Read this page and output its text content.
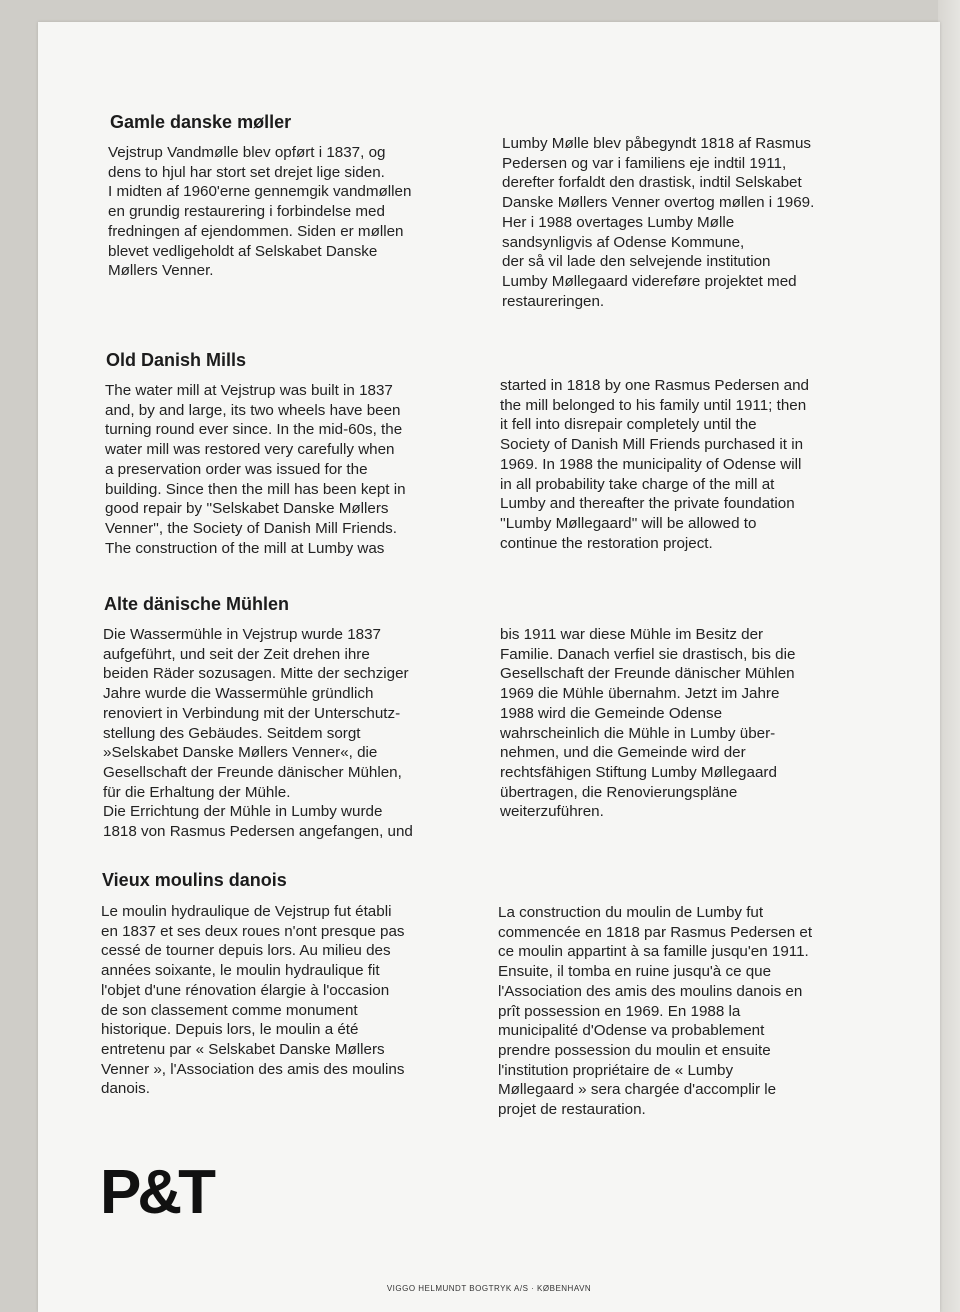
Gamle danske møller
Vejstrup Vandmølle blev opført i 1837, og
dens to hjul har stort set drejet lige siden.
I midten af 1960'erne gennemgik vandmøllen
en grundig restaurering i forbindelse med
fredningen af ejendommen. Siden er møllen
blevet vedligeholdt af Selskabet Danske
Møllers Venner.
Lumby Mølle blev påbegyndt 1818 af Rasmus
Pedersen og var i familiens eje indtil 1911,
derefter forfaldt den drastisk, indtil Selskabet
Danske Møllers Venner overtog møllen i 1969.
Her i 1988 overtages Lumby Mølle
sandsynligvis af Odense Kommune,
der så vil lade den selvejende institution
Lumby Møllegaard videreføre projektet med
restaureringen.
Old Danish Mills
The water mill at Vejstrup was built in 1837
and, by and large, its two wheels have been
turning round ever since. In the mid-60s, the
water mill was restored very carefully when
a preservation order was issued for the
building. Since then the mill has been kept in
good repair by ''Selskabet Danske Møllers
Venner'', the Society of Danish Mill Friends.
The construction of the mill at Lumby was
started in 1818 by one Rasmus Pedersen and
the mill belonged to his family until 1911; then
it fell into disrepair completely until the
Society of Danish Mill Friends purchased it in
1969. In 1988 the municipality of Odense will
in all probability take charge of the mill at
Lumby and thereafter the private foundation
''Lumby Møllegaard'' will be allowed to
continue the restoration project.
Alte dänische Mühlen
Die Wassermühle in Vejstrup wurde 1837
aufgeführt, und seit der Zeit drehen ihre
beiden Räder sozusagen. Mitte der sechziger
Jahre wurde die Wassermühle gründlich
renoviert in Verbindung mit der Unterschutz-
stellung des Gebäudes. Seitdem sorgt
»Selskabet Danske Møllers Venner«, die
Gesellschaft der Freunde dänischer Mühlen,
für die Erhaltung der Mühle.
Die Errichtung der Mühle in Lumby wurde
1818 von Rasmus Pedersen angefangen, und
bis 1911 war diese Mühle im Besitz der
Familie. Danach verfiel sie drastisch, bis die
Gesellschaft der Freunde dänischer Mühlen
1969 die Mühle übernahm. Jetzt im Jahre
1988 wird die Gemeinde Odense
wahrscheinlich die Mühle in Lumby über-
nehmen, und die Gemeinde wird der
rechtsfähigen Stiftung Lumby Møllegaard
übertragen, die Renovierungspläne
weiterzuführen.
Vieux moulins danois
Le moulin hydraulique de Vejstrup fut établi
en 1837 et ses deux roues n'ont presque pas
cessé de tourner depuis lors. Au milieu des
années soixante, le moulin hydraulique fit
l'objet d'une rénovation élargie à l'occasion
de son classement comme monument
historique. Depuis lors, le moulin a été
entretenu par « Selskabet Danske Møllers
Venner », l'Association des amis des moulins
danois.
La construction du moulin de Lumby fut
commencée en 1818 par Rasmus Pedersen et
ce moulin appartint à sa famille jusqu'en 1911.
Ensuite, il tomba en ruine jusqu'à ce que
l'Association des amis des moulins danois en
prît possession en 1969. En 1988 la
municipalité d'Odense va probablement
prendre possession du moulin et ensuite
l'institution propriétaire de « Lumby
Møllegaard » sera chargée d'accomplir le
projet de restauration.
P&T
VIGGO HELMUNDT BOGTRYK A/S · KØBENHAVN
